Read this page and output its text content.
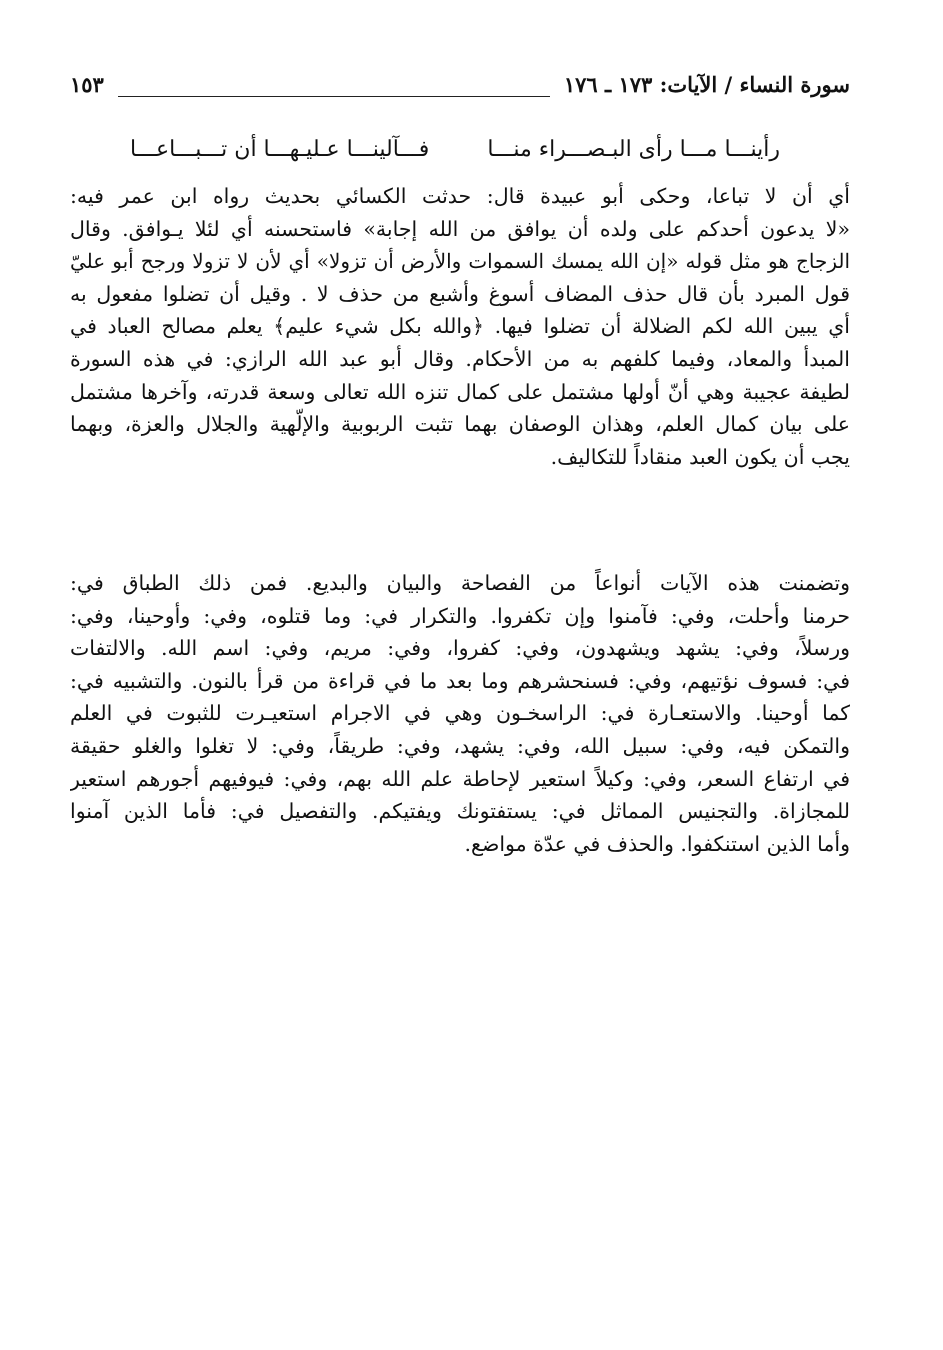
سورة النساء / الآيات: ١٧٣ ـ ١٧٦
١٥٣
رأينـــا مـــا رأى البـصـــراء منـــا
فـــآلينـــا عـليـهـــا أن تـــبـــاعـــا
أي أن لا تباعا، وحكى أبو عبيدة قال: حدثت الكسائي بحديث رواه ابن عمر فيه:
«لا يدعون أحدكم على ولده أن يوافق من الله إجابة» فاستحسنه أي لئلا يـوافق. وقال
الزجاج هو مثل قوله «إن الله يمسك السموات والأرض أن تزولا» أي لأن لا تزولا ورجح أبو عليّ
قول المبرد بأن قال حذف المضاف أسوغ وأشبع من حذف لا . وقيل أن تضلوا مفعول به
أي يبين الله لكم الضلالة أن تضلوا فيها. ﴿والله بكل شيء عليم﴾ يعلم مصالح العباد في
المبدأ والمعاد، وفيما كلفهم به من الأحكام. وقال أبو عبد الله الرازي: في هذه السورة
لطيفة عجيبة وهي أنّ أولها مشتمل على كمال تنزه الله تعالى وسعة قدرته، وآخرها مشتمل
على بيان كمال العلم، وهذان الوصفان بهما تثبت الربوبية والإلّهية والجلال والعزة، وبهما
يجب أن يكون العبد منقاداً للتكاليف.
وتضمنت هذه الآيات أنواعاً من الفصاحة والبيان والبديع. فمن ذلك الطباق في:
حرمنا وأحلت، وفي: فآمنوا وإن تكفروا. والتكرار في: وما قتلوه، وفي: وأوحينا، وفي:
ورسلاً، وفي: يشهد ويشهدون، وفي: كفروا، وفي: مريم، وفي: اسم الله. والالتفات
في: فسوف نؤتيهم، وفي: فسنحشرهم وما بعد ما في قراءة من قرأ بالنون. والتشبيه في:
كما أوحينا. والاستعـارة في: الراسخـون وهي في الاجرام استعيـرت للثبوت في العلم
والتمكن فيه، وفي: سبيل الله، وفي: يشهد، وفي: طريقاً، وفي: لا تغلوا والغلو حقيقة
في ارتفاع السعر، وفي: وكيلاً استعير لإحاطة علم الله بهم، وفي: فيوفيهم أجورهم استعير
للمجازاة. والتجنيس المماثل في: يستفتونك ويفتيكم. والتفصيل في: فأما الذين آمنوا
وأما الذين استنكفوا. والحذف في عدّة مواضع.
